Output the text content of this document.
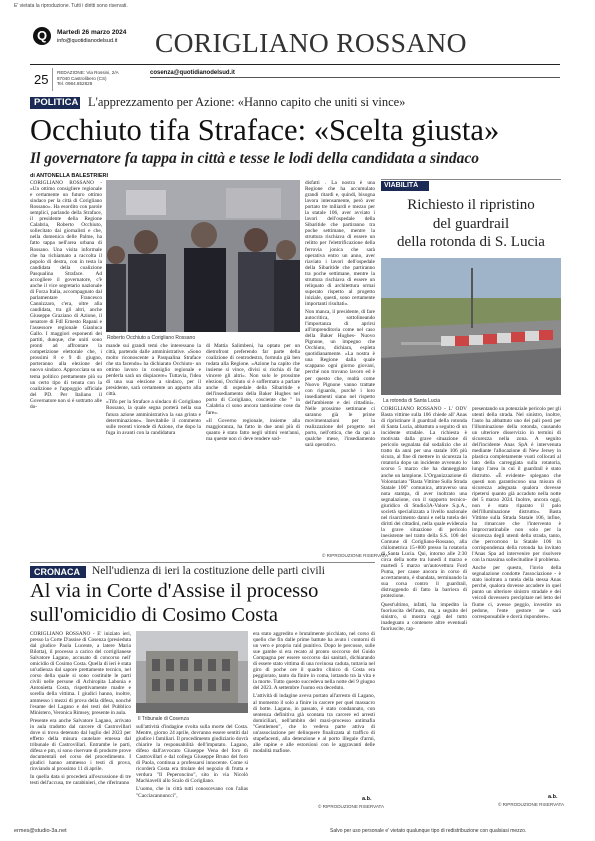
E' vietata la riproduzione. Tutti i diritti sono riservati.
Q	Martedì 26 marzo 2024
info@quotidianodelsud.it CORIGLIANO ROSSANO
25 REDAZIONE: Via Rossini, 2/A
87040 Castrolibero (CS)
Tel. 0984.852828
cosenza@quotidianodelsud.it
POLITICA L'apprezzamento per Azione: «Hanno capito che uniti si vince»
Occhiuto tifa Straface: «Scelta giusta»
Il governatore fa tappa in città e tesse le lodi della candidata a sindaco
di ANTONELLA BALESTRIERI

CORIGLIANO ROSSANO - «Un ottimo consigliere regionale e certamente un futuro ottimo sindaco per la città di Corigliano Rossano». Ha esordito con parole semplici, parlando della Straface, il presidente della Regione Calabria, Roberto Occhiuto, sollecitato dai giornalisti e che, nella domenica delle Palme, ha fatto tappa nell'area urbana di Rossano. Una visita informale che ha richiamato a raccolta il popolo di destra, con in testa la candidata della coalizione Pasqualina Straface. Ad accogliere il governatore, c'è anche il vice segretario nazionale di Forza Italia, accompagnato dal parlamentare Francesco Cannizzaro, c'era, oltre alla candidata, tra gli altri, anche Giuseppe Graziano di Azione, il senatore di FdI Ernesto Rapani e l'assessore regionale Gianluca Gallo. I maggiori esponenti dei partiti, dunque, che uniti sono pronti ad affrontare la competizione elettorale che, i prossimi 8 e 9 di giugno, porteranno alla elezione del nuovo sindaco. Approcciata su un tema politico prettamente più su un certo tipo di tenuta con la coalizione e l'appoggio ufficiale del PD. Per Italiano il Governatore non si è sottratto alle do-

Roberto Occhiuto a Corigliano Rossano

mande sui grandi temi che interessano la città, partendo dalle amministrative. «Sono molto riconoscente a Pasqualina Straface che sta facendo» ha dichiarato Occhiuto- un ottimo lavoro in consiglio regionale e perderla sarà un dispiacere» Tuttavia, l'idea di una sua elezione a sindaco, per il presidente, sarà certamente un apporto alla città.

«Tifo per la Straface a sindaco di Corigliano Rossano, la quale segna porterà nella sua futura azione amministrativa la sua grinta e determinazione». Inevitabile il commento sulle recenti vicende di Azione, che dopo la fuga in avanti con la candidatura

di Mattia Salimbeni, ha optato per un dietrofront preferendo far parte della coalizione di centrodestra, formula già ben rodata alla Regione. «Azione ha capito che insieme si vince, divisi si rischia di far vincere gli altri». Non solo le prossime elezioni, Occhiuto si è soffermato a parlare anche di ospedale della Sibaritide e dell'insediamento della Baker Hughes nel porto di Corigliano, cosciente che " in Calabria ci sono ancora tantissime cose da fare».

«Il Governo regionale, insieme alla maggioranza, ha fatto in due anni più di quanto è stato fatto negli ultimi vent'anni, ma queste non ci deve rendere sod-

disfatti . La nostra è una Regione che ha accumulato grandi ritardi e, quindi, bisogna lavora intensamente, però aver portato tre miliardi e mezzo per la statale 106, aver avviato i lavori dell'ospedale della Sibaritide che partiranno tra poche settimane, mentre la struttura rischiava di essere un relitto per l'elettrificazione della ferrovia jonica che sarà operativa entro un anno, aver riaviato i lavori dell'ospedale della Sibaritide che partiranno tra poche settimane, mentre la struttura rischiava di essere un reliquato di architettura ormai superato rispetto al progetto iniziale, questi, sono certamente importanti risultati».

Non manca, il presidente, di fare autocritica, sottolineando l'importanza di aprirsi all'imprenditoria come nel caso della Baker Hughes- Nuovo Pignone, un impegno che Occhiuto, dichiara, espleta quotidianamente. «La nostra è una Regione dalla quale scappano ogni giorno giovani, perché non trovano lavoro ed è per questo che, realtà come Nuovo Pignone vanno trattate con riguardo, purché i loro insediamenti siano nel rispetto dell'ambiente e dei cittadini». Nelle prossime settimane ci saranno già le prime movimentazioni per la realizzazione del progetto nel porto, nell'ottica, che da qui a qualche mese, l'insediamento sarà operativo.

© RIPRODUZIONE RISERVATA
VIABILITÀ
Richiesto il ripristino
del guardrail
della rotonda di S. Lucia
La rotonda di Santa Lucia

CORIGLIANO ROSSANO - L' ODV Basta vittime sulla 106 chiede all' Anas di ripristinare il guardrail della rotonda di Santa Lucia, abbattuto a seguito di un incidente stradale. La richiesta è motivata dalla grave situazione di pericolo segnalata dal sodalizio che al tratto da anni per una statale 106 più sicura, al fine di mettere in sicurezza la rotatoria dopo un incidente avvenuto lo scorso 5 marzo che ha danneggiato anche un lampione. L'Organizzazione di Volontariato "Basta Vittime Sulla Strada Statale 106" comunica, attraverso una nota stampa, di aver inoltrato una segnalazione, con il supporto tecnico-giuridico di Studio3A-Valore S.p.A., società specializzata a livello nazionale nel risarcimento danni e nella tutela dei diritti dei cittadini, nella quale evidenzia la grave situazione di pericolo inesistente nel tratto della S.S. 106 del Comune di Corigliano-Rossano, alla chilometrica 15+800 presso la rotatoria di Santa Lucia. Qui, intorno alle 2:30 circa della notte tra lunedì 4 marzo e martedì 5 marzo un'autovettura Ford Puma, per cause ancora in corso di accertamento, è sbandata, terminando la sua corsa contro il guardrail, distruggendo di fatto la barriera di protezione.

Quest'ultimo, infatti, ha impedito la fuoriuscita dell'auto, ma, a seguito del sinistro, si mostra oggi del tutto inadeguato a contenere altre eventuali fuoriuscite, rap-

presentando un potenziale pericolo per gli utenti della strada. Nel sinistro, inoltre, l'auto ha abbattuto uno dei pali posti per l'illuminazione della rotonda, causando un ulteriore disservizio in termini di sicurezza nella zona. A seguito dell'incidente Anas SpA è intervenuta mediante l'allocazione di New Jersey in plastica completamente vuoti collocati al lato della carreggiata sulla rotatoria, lungo l'area in cui il guardrail è stato distrutto. «È evidente- spiegano che questi non garantiscono una misura di sicurezza adeguata qualora dovesse ripetersi quanto già accaduto nella notte del 5 marzo 2024. Inoltre, ancora oggi, non è stato riparato il palo dell'illuminazione distrutto». Basta Vittime sulla Strada Statale 106, infine, ha rimarcare che l'intervento è improcrastinabile non solo per la sicurezza degli utenti della strada, tanto, che percorrono la Statale 106 in corrispondenza della rotonda ha invitato l'Anas Spa ad intervenire per risolvere con la massima sollecitudine il problema.

Anche per questo, l'invio della segnalazione condotte l'associazione - è stato inoltrato a tutela della stessa Anas perché, qualora dovesse accadere in quel punto un ulteriore sinistro stradale e dei veicoli dovessero precipitare nel letto del fiume ci, avesse peggio, investire un pedone, l'ente gestore ne sarà corresponsabile e dovrà rispondere».

a.b.
© RIPRODUZIONE RISERVATA
CRONACA Nell'udienza di ieri la costituzione delle parti civili
Al via in Corte d'Assise il processo
sull'omicidio di Cosimo Costa

CORIGLIANO ROSSANO - E' iniziato ieri, presso la Corte D'assise di Cosenza (presieduta dal giudice Paola Lucente, a latere Maria Bilotta), il processo a carico del corriglianese Salvatore Lagano, accusato di concorso nell' omicidio di Cosimo Costa. Quella di ieri è stata un'udienza dal sapore prettamente tecnico, nel corso della quale si sono costituite le parti civili nelle persone di Achiropita Labonia e Antonietta Costa, rispettivamente madre e sorella della vittima. I giudici hanno, inoltre, ammesso i mezzi di prova della difesa, nonché l'esame del Lagano e dei testi del Pubblico Ministero, Veronica Rimsey, presente in aula.

Presente era anche Salvatore Lagano, arrivato in aula tradotto dal carcere di Castrovillari dove si trova detenuto dal luglio del 2023 per effetto della misura cautelare emessa dal tribunale di Castrovillari. Entrambe le parti, difesa e pm, si sono riservate di produrre prove documentali nel corso del procedimento. I giudici hanno ammesso i testi di prova, rinviando al prossimo 11 di aprile.

In quella data si procederà all'escussione di tre testi dell'accusa, tre carabinieri, che riferiranno

Il Tribunale di Cosenza

sull'attività d'indagine svolta sulla morte del Costa. Mentre, giorno 24 aprile, dovranno essere sentiti dal giudice i familiari. Il procedimento giudiziario dovrà chiarire la responsabilità dell'imputato. Lagano, difeso dall'avvocato Giuseppe Vena del foro di Castrovillari e dal collega Giuseppe Bruno del foro di Paola, continua a professarsi innocente. Come si ricorderà Costa era titolare del negozio di frutta e verdura "Il Peperoncino", sito in via Nicolò Machiavelli allo Scalo di Corigliano.

L'uomo, che in città tutti conoscevano con l'alias "Cacciacannuncci",

era stato aggredito e brutalmente picchiato, nel corso di quello che fin dalle prime battute ha avuto i contorni di un vero e proprio raid punitivo. Dopo le percosse, sulle sue gambe si era recato al pronto soccorso del Guido Compagna per essere soccorso dai sanitari, dichiarando di essere stato vittima di una rovinosa caduta, tuttavia nel giro di poche ore il quadro clinico di Costa era peggiorato, tanto da finire in coma, lottando tra la vita e la morte. Tutto questo succedeva nella notte del 9 giugno del 2023. A settembre l'uomo era deceduto.

L'attività di indagine aveva portato all'arresto di Lagano, al momento il solo a finire in carcere per quel massacro di botte. Lagano, in passato, è stato condannato, con sentenza definitiva già scontata tra carcere ed arresti domiciliari, nell'ambito del maxi-processo antimafia "Gentlemen", che lo vedeva parte attiva di un'associazione per delinquere finalizzata al traffico di stupefacenti, alla detenzione e al porto illegale d'armi, alle rapine e alle estorsioni con le aggravanti delle modalità mafiose.

a.b.
© RIPRODUZIONE RISERVATA
ermes@studio-3a.net	Salvo per uso personale e' vietato qualunque tipo di redistribuzione con qualsiasi mezzo.
